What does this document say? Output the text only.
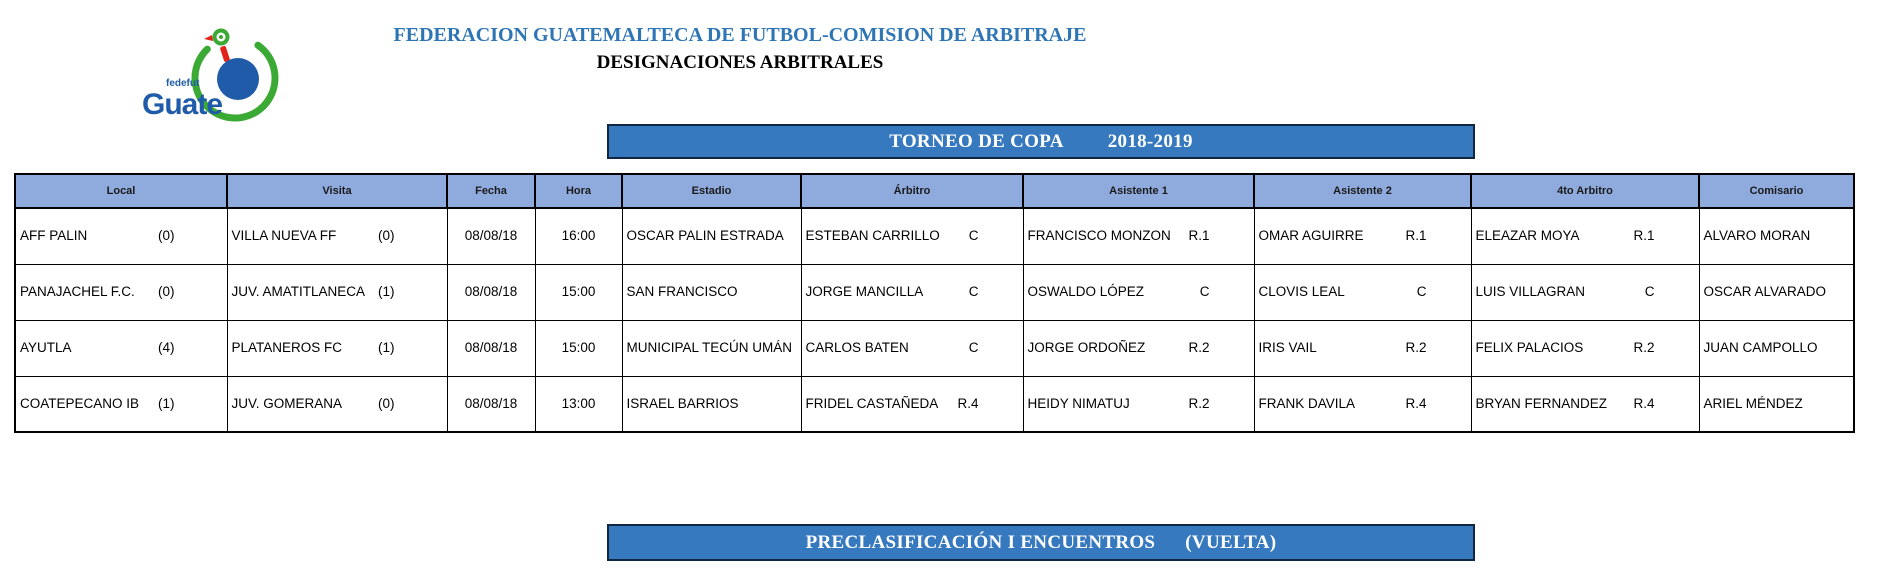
fedefut
Guate
FEDERACION GUATEMALTECA DE FUTBOL-COMISION DE ARBITRAJE
DESIGNACIONES ARBITRALES
TORNEO DE COPA 2018-2019
Local	Visita	Fecha	Hora	Estadio	Árbitro	Asistente 1	Asistente 2	4to Arbitro	Comisario

AFF PALIN (0)	VILLA NUEVA FF (0)	08/08/18	16:00	OSCAR PALIN ESTRADA	ESTEBAN CARRILLO C	FRANCISCO MONZON R.1	OMAR AGUIRRE R.1	ELEAZAR MOYA R.1	ALVARO MORAN

PANAJACHEL F.C. (0)	JUV. AMATITLANECA (1)	08/08/18	15:00	SAN FRANCISCO	JORGE MANCILLA C	OSWALDO LÓPEZ C	CLOVIS LEAL C	LUIS VILLAGRAN C	OSCAR ALVARADO

AYUTLA (4)	PLATANEROS FC (1)	08/08/18	15:00	MUNICIPAL TECÚN UMÁN	CARLOS BATEN C	JORGE ORDOÑEZ R.2	IRIS VAIL R.2	FELIX PALACIOS R.2	JUAN CAMPOLLO

COATEPECANO IB (1)	JUV. GOMERANA (0)	08/08/18	13:00	ISRAEL BARRIOS	FRIDEL CASTAÑEDA R.4	HEIDY NIMATUJ R.2	FRANK DAVILA R.4	BRYAN FERNANDEZ R.4	ARIEL MÉNDEZ
PRECLASIFICACIÓN I ENCUENTROS (VUELTA)
